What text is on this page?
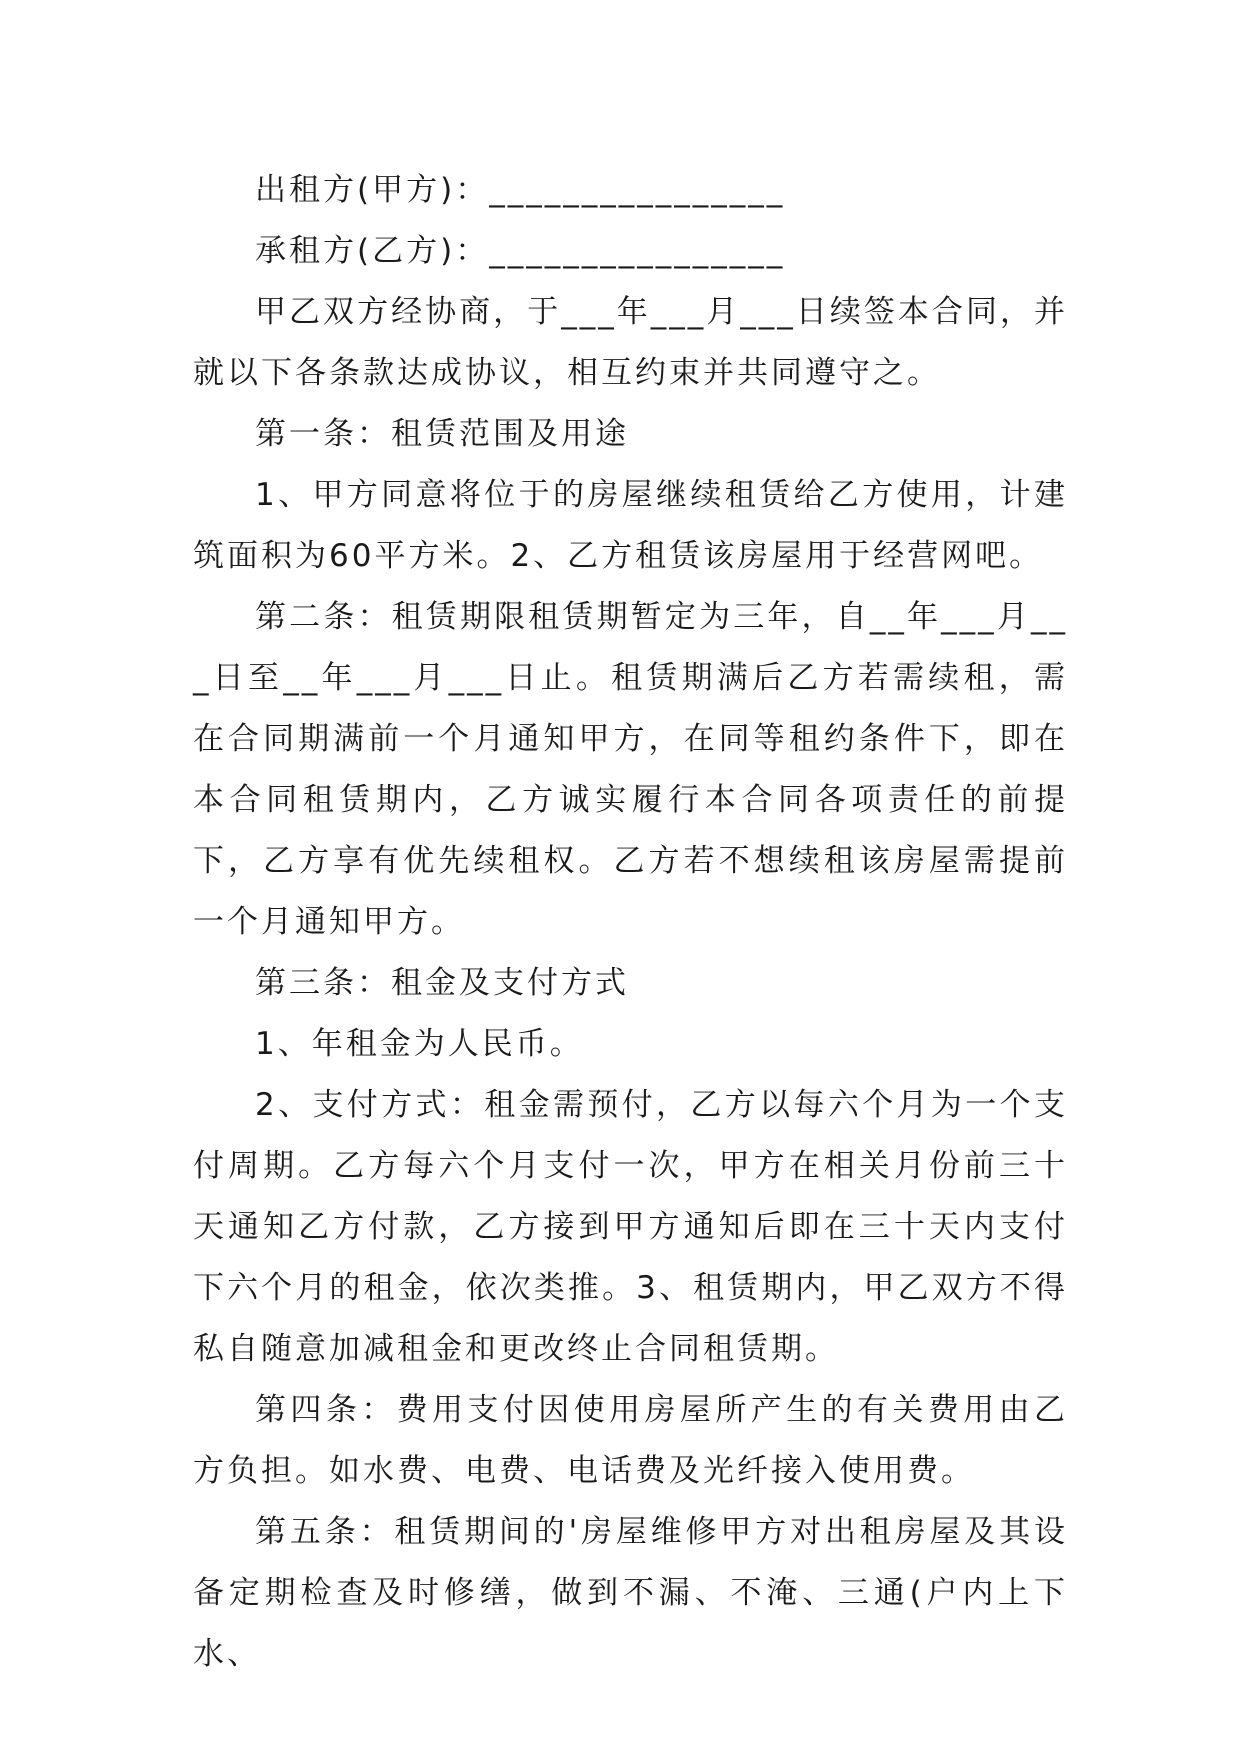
出租方(甲方)：________________

承租方(乙方)：________________

甲乙双方经协商，于___年___月___日续签本合同，并就以下各条款达成协议，相互约束并共同遵守之。

第一条：租赁范围及用途

1、甲方同意将位于的房屋继续租赁给乙方使用，计建筑面积为60平方米。2、乙方租赁该房屋用于经营网吧。

第二条：租赁期限租赁期暂定为三年，自__年___月___日至__年___月___日止。租赁期满后乙方若需续租，需在合同期满前一个月通知甲方，在同等租约条件下，即在本合同租赁期内，乙方诚实履行本合同各项责任的前提下，乙方享有优先续租权。乙方若不想续租该房屋需提前一个月通知甲方。

第三条：租金及支付方式

1、年租金为人民币。

2、支付方式：租金需预付，乙方以每六个月为一个支付周期。乙方每六个月支付一次，甲方在相关月份前三十天通知乙方付款，乙方接到甲方通知后即在三十天内支付下六个月的租金，依次类推。3、租赁期内，甲乙双方不得私自随意加减租金和更改终止合同租赁期。

第四条：费用支付因使用房屋所产生的有关费用由乙方负担。如水费、电费、电话费及光纤接入使用费。

第五条：租赁期间的'房屋维修甲方对出租房屋及其设备定期检查及时修缮，做到不漏、不淹、三通(户内上下水、
